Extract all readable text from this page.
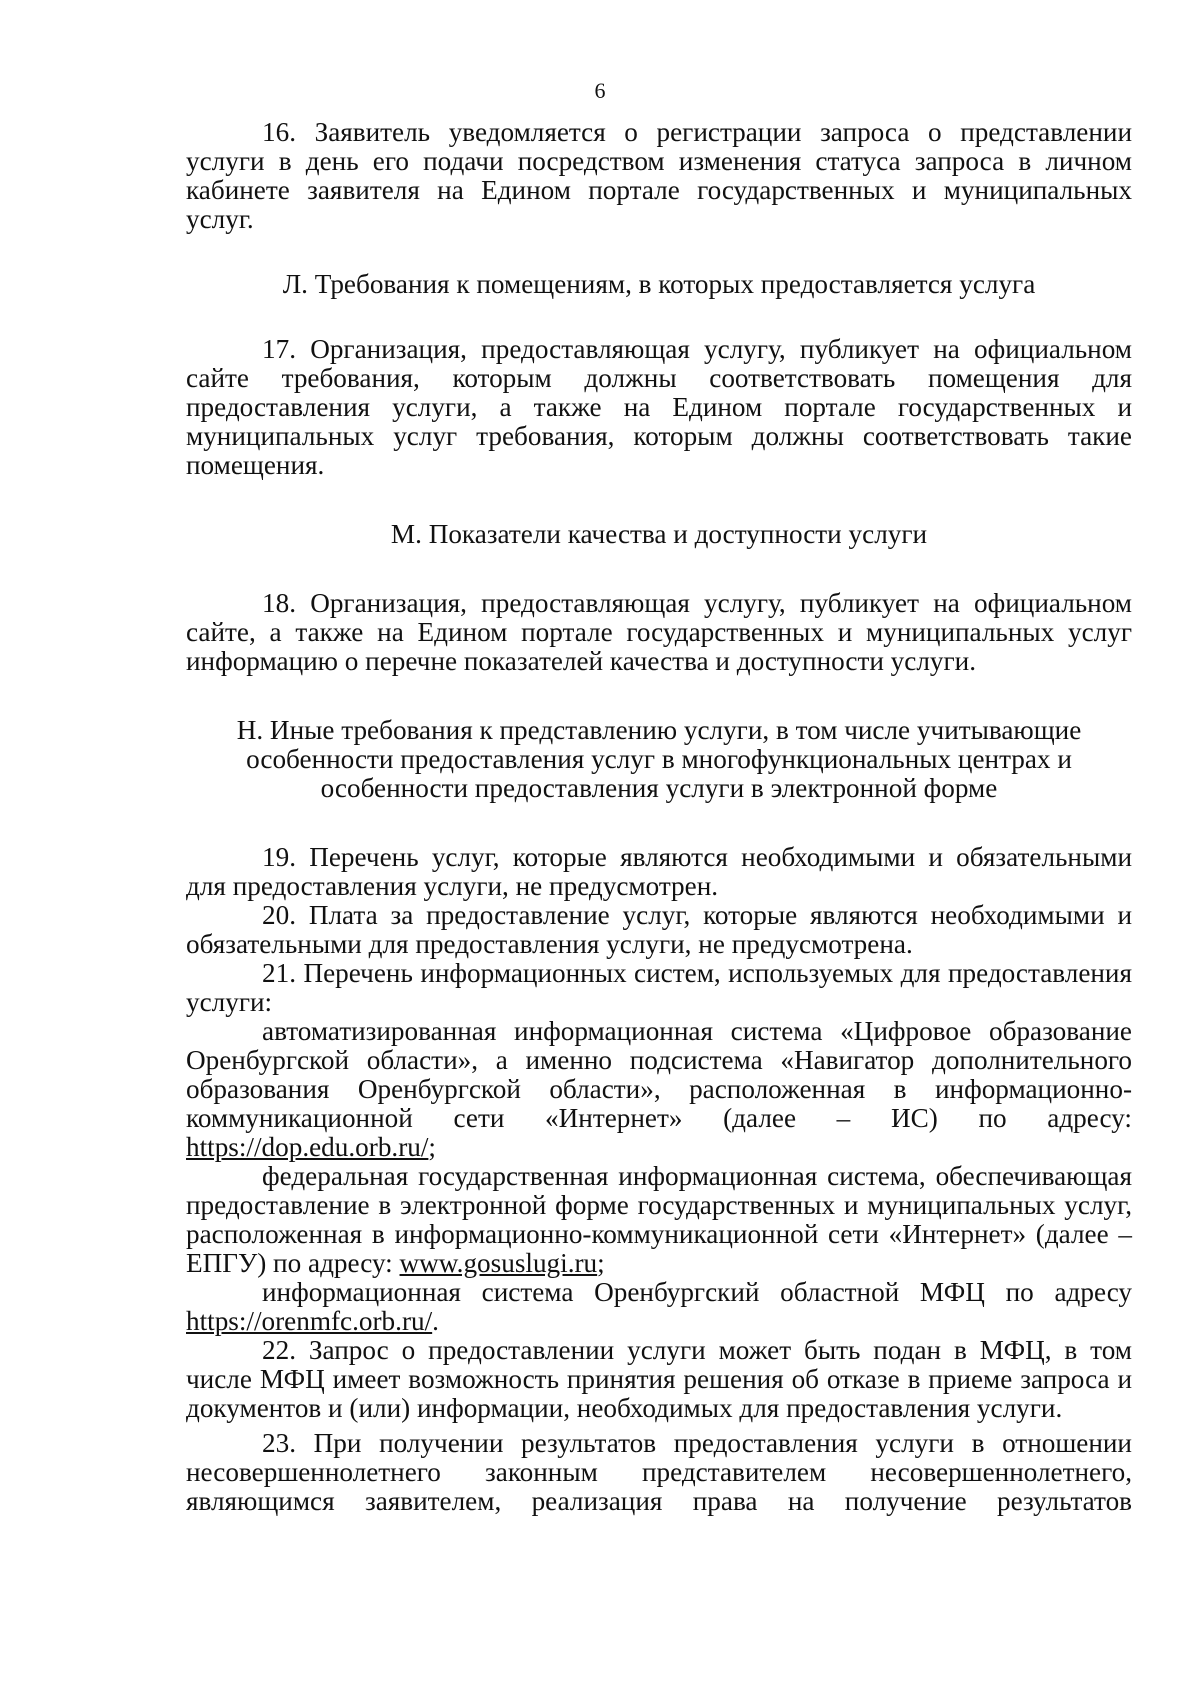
6

16. Заявитель уведомляется о регистрации запроса о представлении услуги в день его подачи посредством изменения статуса запроса в личном кабинете заявителя на Едином портале государственных и муниципальных услуг.

Л. Требования к помещениям, в которых предоставляется услуга

17. Организация, предоставляющая услугу, публикует на официальном сайте требования, которым должны соответствовать помещения для предоставления услуги, а также на Едином портале государственных и муниципальных услуг требования, которым должны соответствовать такие помещения.

М. Показатели качества и доступности услуги

18. Организация, предоставляющая услугу, публикует на официальном сайте, а также на Едином портале государственных и муниципальных услуг информацию о перечне показателей качества и доступности услуги.

Н. Иные требования к представлению услуги, в том числе учитывающие

особенности предоставления услуг в многофункциональных центрах и

особенности предоставления услуги в электронной форме

19. Перечень услуг, которые являются необходимыми и обязательными для предоставления услуги, не предусмотрен.

20. Плата за предоставление услуг, которые являются необходимыми и обязательными для предоставления услуги, не предусмотрена.

21. Перечень информационных систем, используемых для предоставления услуги:

автоматизированная информационная система «Цифровое образование Оренбургской области», а именно подсистема «Навигатор дополнительного образования Оренбургской области», расположенная в информационно-коммуникационной сети «Интернет» (далее – ИС) по адресу: https://dop.edu.orb.ru/;

федеральная государственная информационная система, обеспечивающая предоставление в электронной форме государственных и муниципальных услуг, расположенная в информационно-коммуникационной сети «Интернет» (далее – ЕПГУ) по адресу: www.gosuslugi.ru;

информационная система Оренбургский областной МФЦ по адресу https://orenmfc.orb.ru/.

22. Запрос о предоставлении услуги может быть подан в МФЦ, в том числе МФЦ имеет возможность принятия решения об отказе в приеме запроса и документов и (или) информации, необходимых для предоставления услуги.

23. При получении результатов предоставления услуги в отношении несовершеннолетнего законным представителем несовершеннолетнего, являющимся заявителем, реализация права на получение результатов
